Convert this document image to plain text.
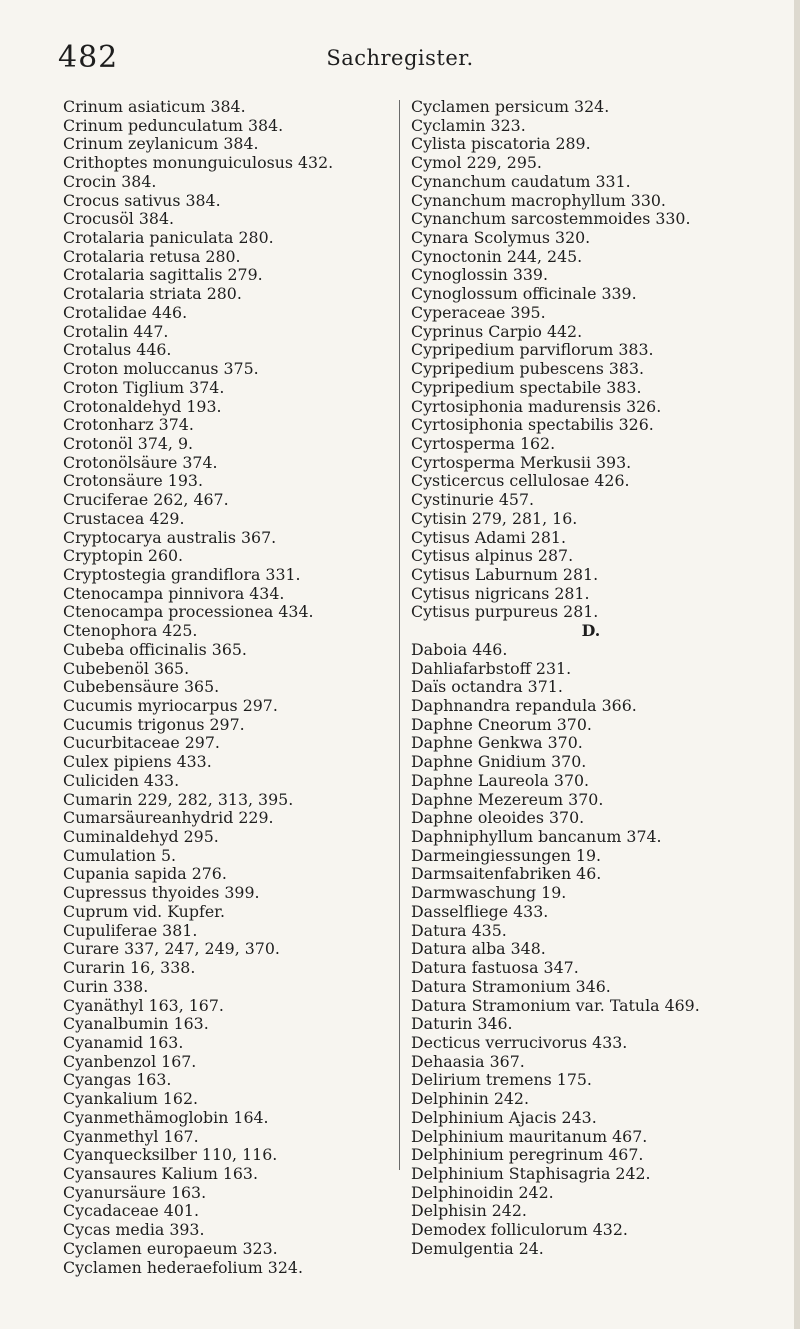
482	Sachregister.
Crinum asiaticum 384.
Crinum pedunculatum 384.
Crinum zeylanicum 384.
Crithoptes monunguiculosus 432.
Crocin 384.
Crocus sativus 384.
Crocusöl 384.
Crotalaria paniculata 280.
Crotalaria retusa 280.
Crotalaria sagittalis 279.
Crotalaria striata 280.
Crotalidae 446.
Crotalin 447.
Crotalus 446.
Croton moluccanus 375.
Croton Tiglium 374.
Crotonaldehyd 193.
Crotonharz 374.
Crotonöl 374, 9.
Crotonölsäure 374.
Crotonsäure 193.
Cruciferae 262, 467.
Crustacea 429.
Cryptocarya australis 367.
Cryptopin 260.
Cryptostegia grandiflora 331.
Ctenocampa pinnivora 434.
Ctenocampa processionea 434.
Ctenophora 425.
Cubeba officinalis 365.
Cubebenöl 365.
Cubebensäure 365.
Cucumis myriocarpus 297.
Cucumis trigonus 297.
Cucurbitaceae 297.
Culex pipiens 433.
Culiciden 433.
Cumarin 229, 282, 313, 395.
Cumarsäureanhydrid 229.
Cuminaldehyd 295.
Cumulation 5.
Cupania sapida 276.
Cupressus thyoides 399.
Cuprum vid. Kupfer.
Cupuliferae 381.
Curare 337, 247, 249, 370.
Curarin 16, 338.
Curin 338.
Cyanäthyl 163, 167.
Cyanalbumin 163.
Cyanamid 163.
Cyanbenzol 167.
Cyangas 163.
Cyankalium 162.
Cyanmethämoglobin 164.
Cyanmethyl 167.
Cyanquecksilber 110, 116.
Cyansaures Kalium 163.
Cyanursäure 163.
Cycadaceae 401.
Cycas media 393.
Cyclamen europaeum 323.
Cyclamen hederaefolium 324.
Cyclamen persicum 324.
Cyclamin 323.
Cylista piscatoria 289.
Cymol 229, 295.
Cynanchum caudatum 331.
Cynanchum macrophyllum 330.
Cynanchum sarcostemmoides 330.
Cynara Scolymus 320.
Cynoctonin 244, 245.
Cynoglossin 339.
Cynoglossum officinale 339.
Cyperaceae 395.
Cyprinus Carpio 442.
Cypripedium parviflorum 383.
Cypripedium pubescens 383.
Cypripedium spectabile 383.
Cyrtosiphonia madurensis 326.
Cyrtosiphonia spectabilis 326.
Cyrtosperma 162.
Cyrtosperma Merkusii 393.
Cysticercus cellulosae 426.
Cystinurie 457.
Cytisin 279, 281, 16.
Cytisus Adami 281.
Cytisus alpinus 287.
Cytisus Laburnum 281.
Cytisus nigricans 281.
Cytisus purpureus 281.
D.
Daboia 446.
Dahliafarbstoff 231.
Daïs octandra 371.
Daphnandra repandula 366.
Daphne Cneorum 370.
Daphne Genkwa 370.
Daphne Gnidium 370.
Daphne Laureola 370.
Daphne Mezereum 370.
Daphne oleoides 370.
Daphniphyllum bancanum 374.
Darmeingiessungen 19.
Darmsaitenfabriken 46.
Darmwaschung 19.
Dasselfliege 433.
Datura 435.
Datura alba 348.
Datura fastuosa 347.
Datura Stramonium 346.
Datura Stramonium var. Tatula 469.
Daturin 346.
Decticus verrucivorus 433.
Dehaasia 367.
Delirium tremens 175.
Delphinin 242.
Delphinium Ajacis 243.
Delphinium mauritanum 467.
Delphinium peregrinum 467.
Delphinium Staphisagria 242.
Delphinoidin 242.
Delphisin 242.
Demodex folliculorum 432.
Demulgentia 24.
